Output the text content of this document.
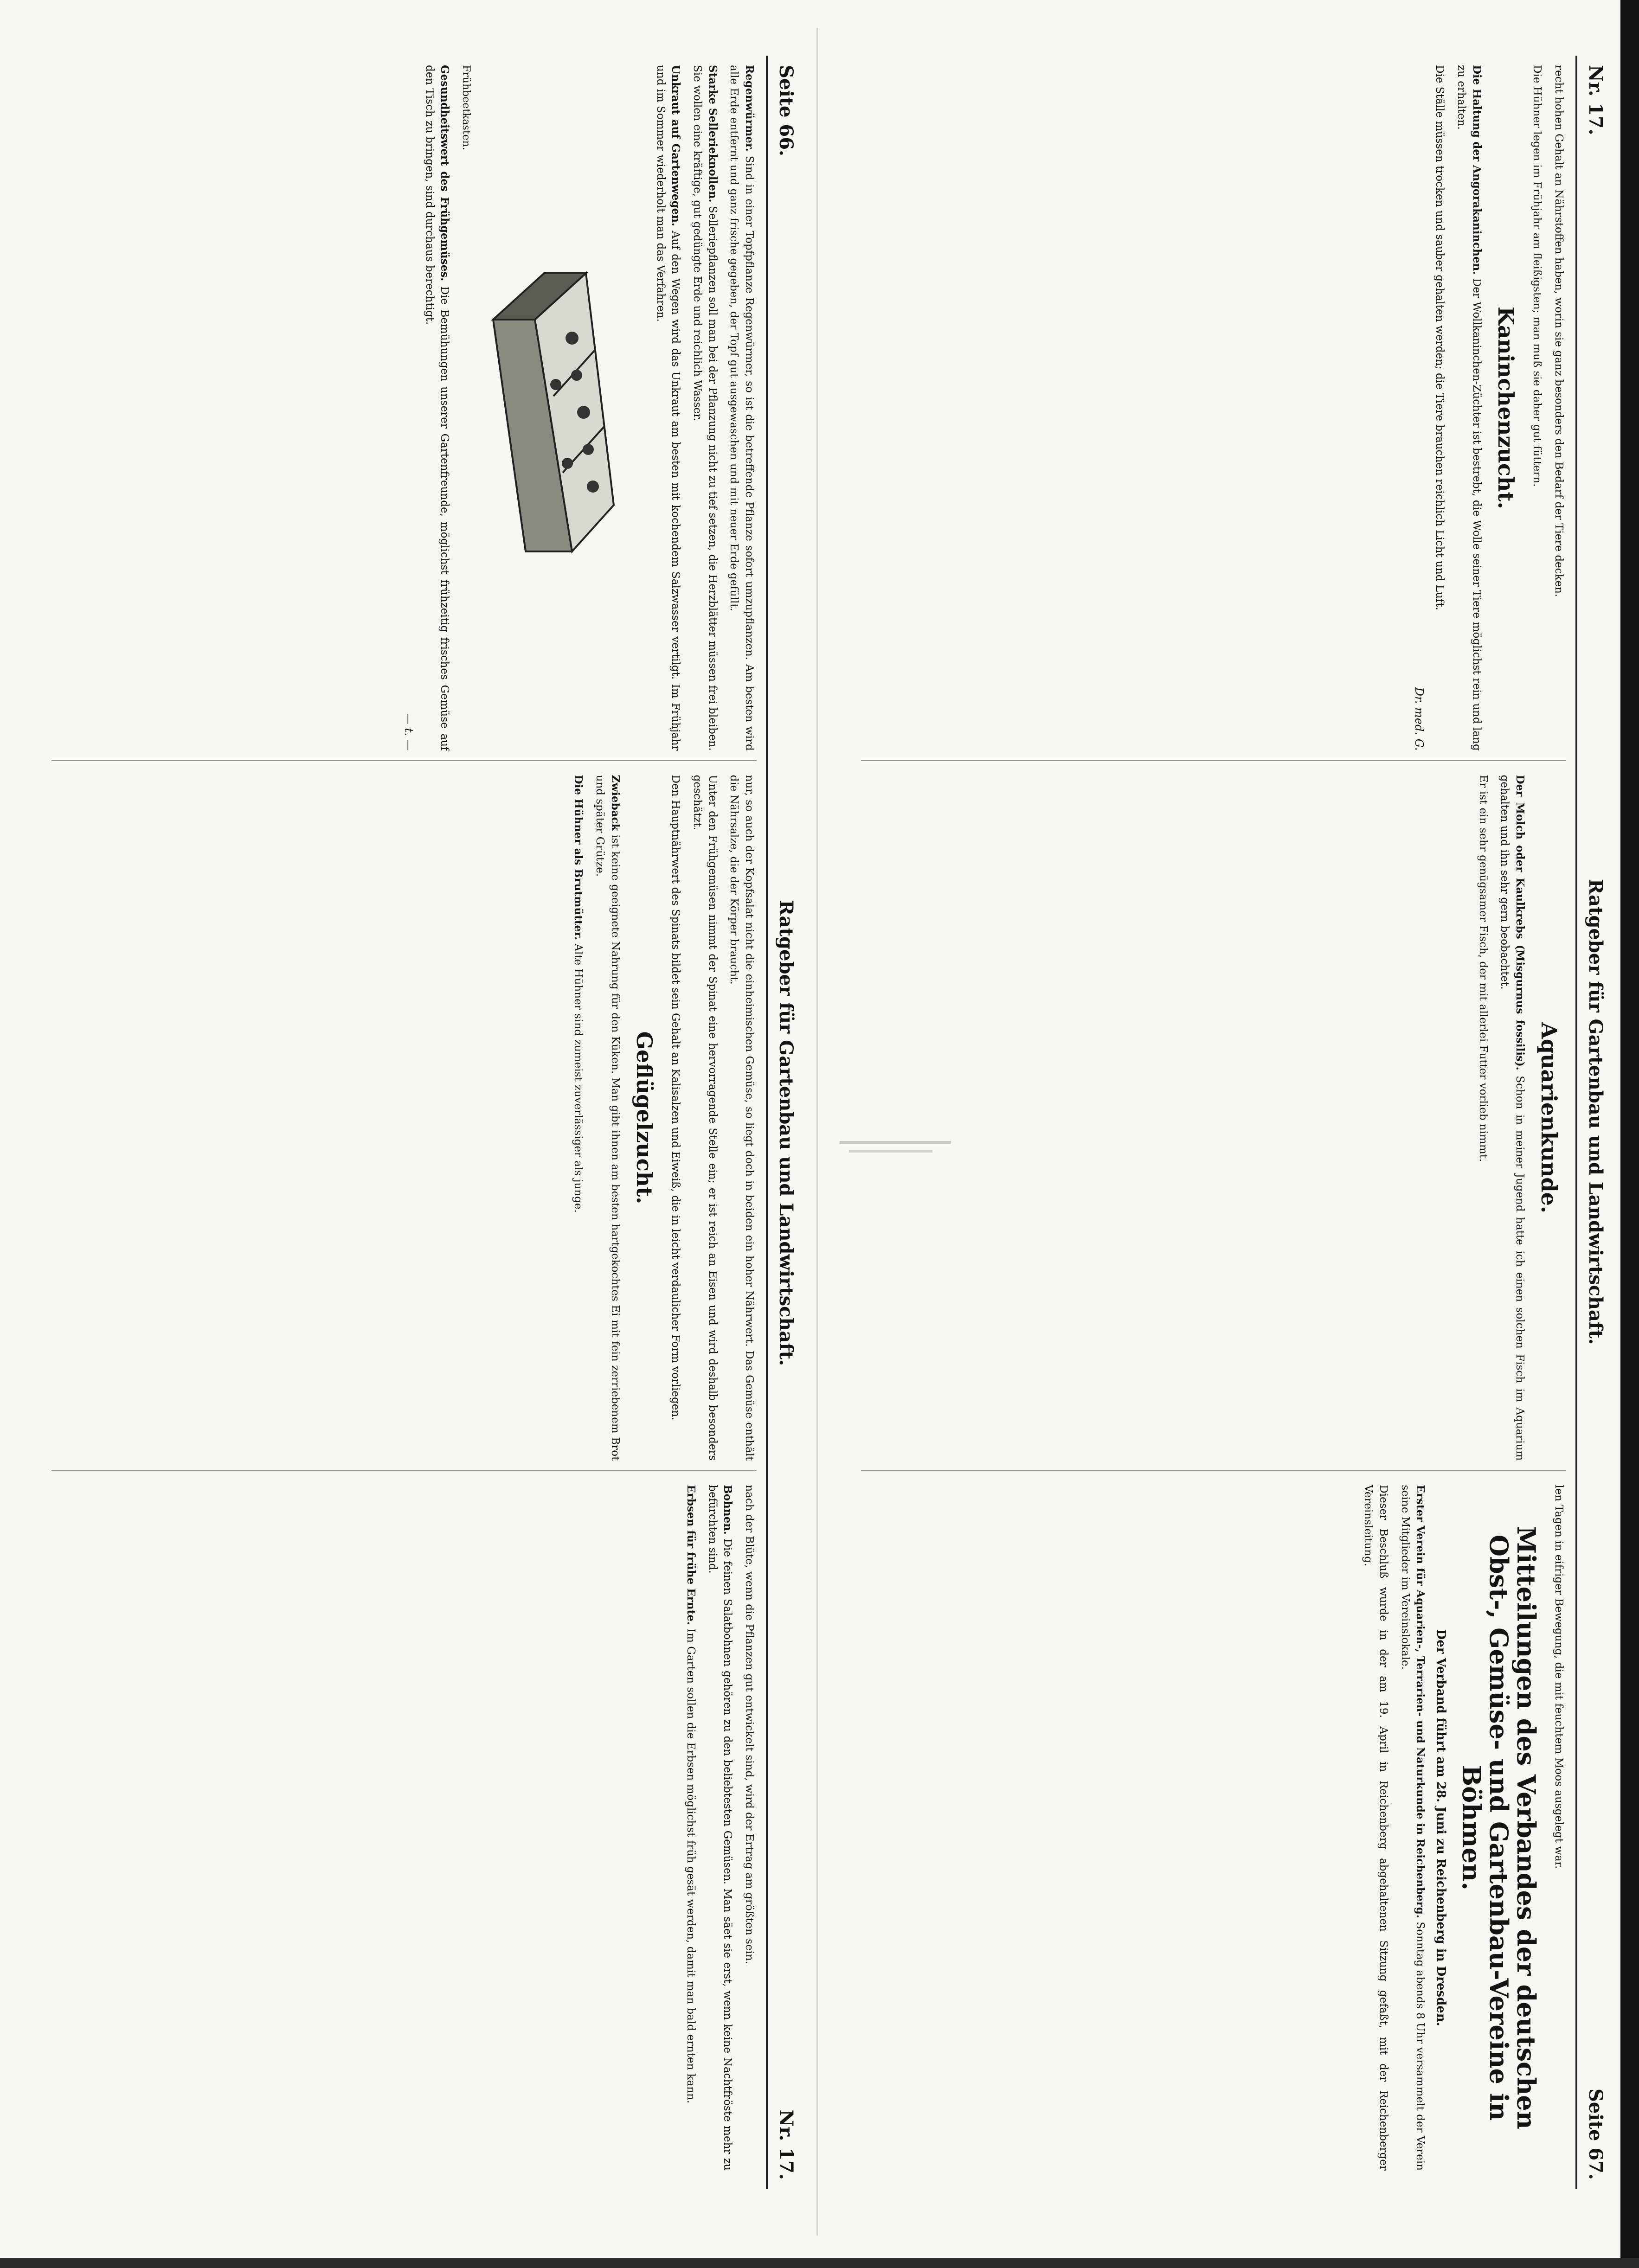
Seite 66.
Ratgeber für Gartenbau und Landwirtschaft.
Nr. 17.

Regenwürmer. Sind in einer Topfpflanze Regenwürmer, so ist die betreffende Pflanze sofort umzupflanzen. Am besten wird alle Erde entfernt und ganz frische gegeben, der Topf gut ausgewaschen und mit neuer Erde gefüllt.

Starke Sellerieknollen. Selleriepflanzen soll man bei der Pflanzung nicht zu tief setzen, die Herzblätter müssen frei bleiben. Sie wollen eine kräftige, gut gedüngte Erde und reichlich Wasser.

Unkraut auf Gartenwegen. Auf den Wegen wird das Unkraut am besten mit kochendem Salzwasser vertilgt. Im Frühjahr und im Sommer wiederholt man das Verfahren.

Frühbeetkasten.

Gesundheitswert des Frühgemüses. Die Bemühungen unserer Gartenfreunde, möglichst frühzeitig frisches Gemüse auf den Tisch zu bringen, sind durchaus berechtigt.

— t. —

nur, so auch der Kopfsalat nicht die einheimischen Gemüse, so liegt doch in beiden ein hoher Nährwert. Das Gemüse enthält die Nährsalze, die der Körper braucht.

Unter den Frühgemüsen nimmt der Spinat eine hervorragende Stelle ein; er ist reich an Eisen und wird deshalb besonders geschätzt.

Den Hauptnährwert des Spinats bildet sein Gehalt an Kalisalzen und Eiweiß, die in leicht verdaulicher Form vorliegen.

Geflügelzucht.

Zwieback ist keine geeignete Nahrung für den Küken. Man gibt ihnen am besten hartgekochtes Ei mit fein zerriebenem Brot und später Grütze.

Die Hühner als Brutmütter. Alte Hühner sind zumeist zuverlässiger als junge.

nach der Blüte, wenn die Pflanzen gut entwickelt sind, wird der Ertrag am größten sein.

Bohnen. Die feinen Salatbohnen gehören zu den beliebtesten Gemüsen. Man säet sie erst, wenn keine Nachtfröste mehr zu befürchten sind.

Erbsen für frühe Ernte. Im Garten sollen die Erbsen möglichst früh gesät werden, damit man bald ernten kann.

Nr. 17.
Ratgeber für Gartenbau und Landwirtschaft.
Seite 67.

recht hohen Gehalt an Nährstoffen haben, worin sie ganz besonders den Bedarf der Tiere decken.

Die Hühner legen im Frühjahr am fleißigsten; man muß sie daher gut füttern.

Kaninchenzucht.

Die Haltung der Angorakaninchen. Der Wollkaninchen-Züchter ist bestrebt, die Wolle seiner Tiere möglichst rein und lang zu erhalten.

Die Ställe müssen trocken und sauber gehalten werden; die Tiere brauchen reichlich Licht und Luft.

Dr. med. G.
Aquarienkunde.

Der Molch oder Kaulkrebs (Misgurnus fossilis). Schon in meiner Jugend hatte ich einen solchen Fisch im Aquarium gehalten und ihn sehr gern beobachtet.

Er ist ein sehr genügsamer Fisch, der mit allerlei Futter vorlieb nimmt.

len Tagen in eifriger Bewegung, die mit feuchtem Moos ausgelegt war.

Mitteilungen des Verbandes der deutschen Obst-, Gemüse- und Gartenbau-Vereine in Böhmen.
Der Verband führt am 28. Juni zu Reichenberg in Dresden.

Erster Verein für Aquarien-, Terrarien- und Naturkunde in Reichenberg. Sonntag abends 8 Uhr versammelt der Verein seine Mitglieder im Vereinslokale.

Dieser Beschluß wurde in der am 19. April in Reichenberg abgehaltenen Sitzung gefaßt, mit der Reichenberger Vereinsleitung.
